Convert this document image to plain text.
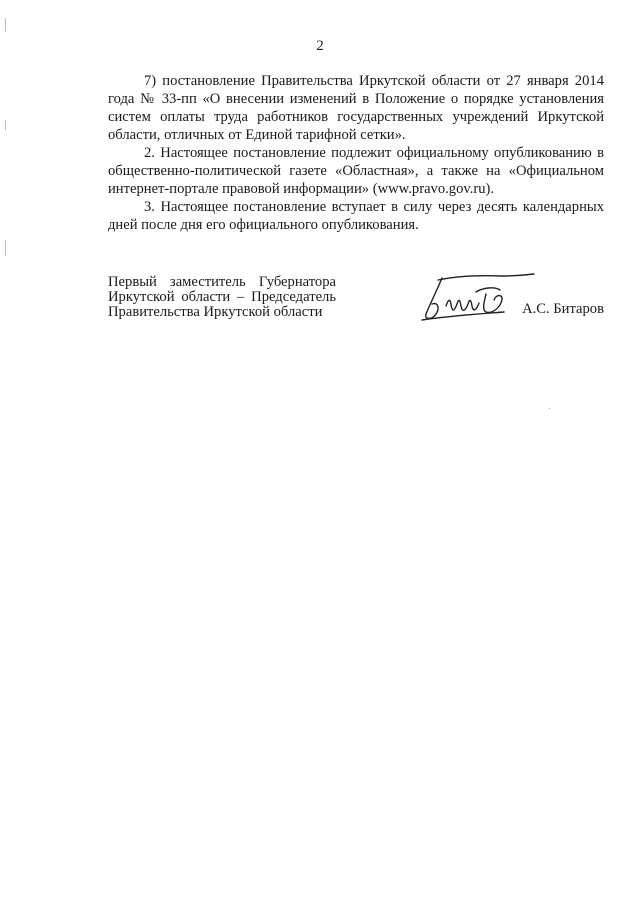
2

7) постановление Правительства Иркутской области от 27 января 2014 года № 33-пп «О внесении изменений в Положение о порядке установления систем оплаты труда работников государственных учреждений Иркутской области, отличных от Единой тарифной сетки».

2. Настоящее постановление подлежит официальному опубликованию в общественно-политической газете «Областная», а также на «Официальном интернет-портале правовой информации» (www.pravo.gov.ru).

3. Настоящее постановление вступает в силу через десять календарных дней после дня его официального опубликования.

Первый заместитель Губернатора
Иркутской области – Председатель
Правительства Иркутской области	А.С. Битаров
